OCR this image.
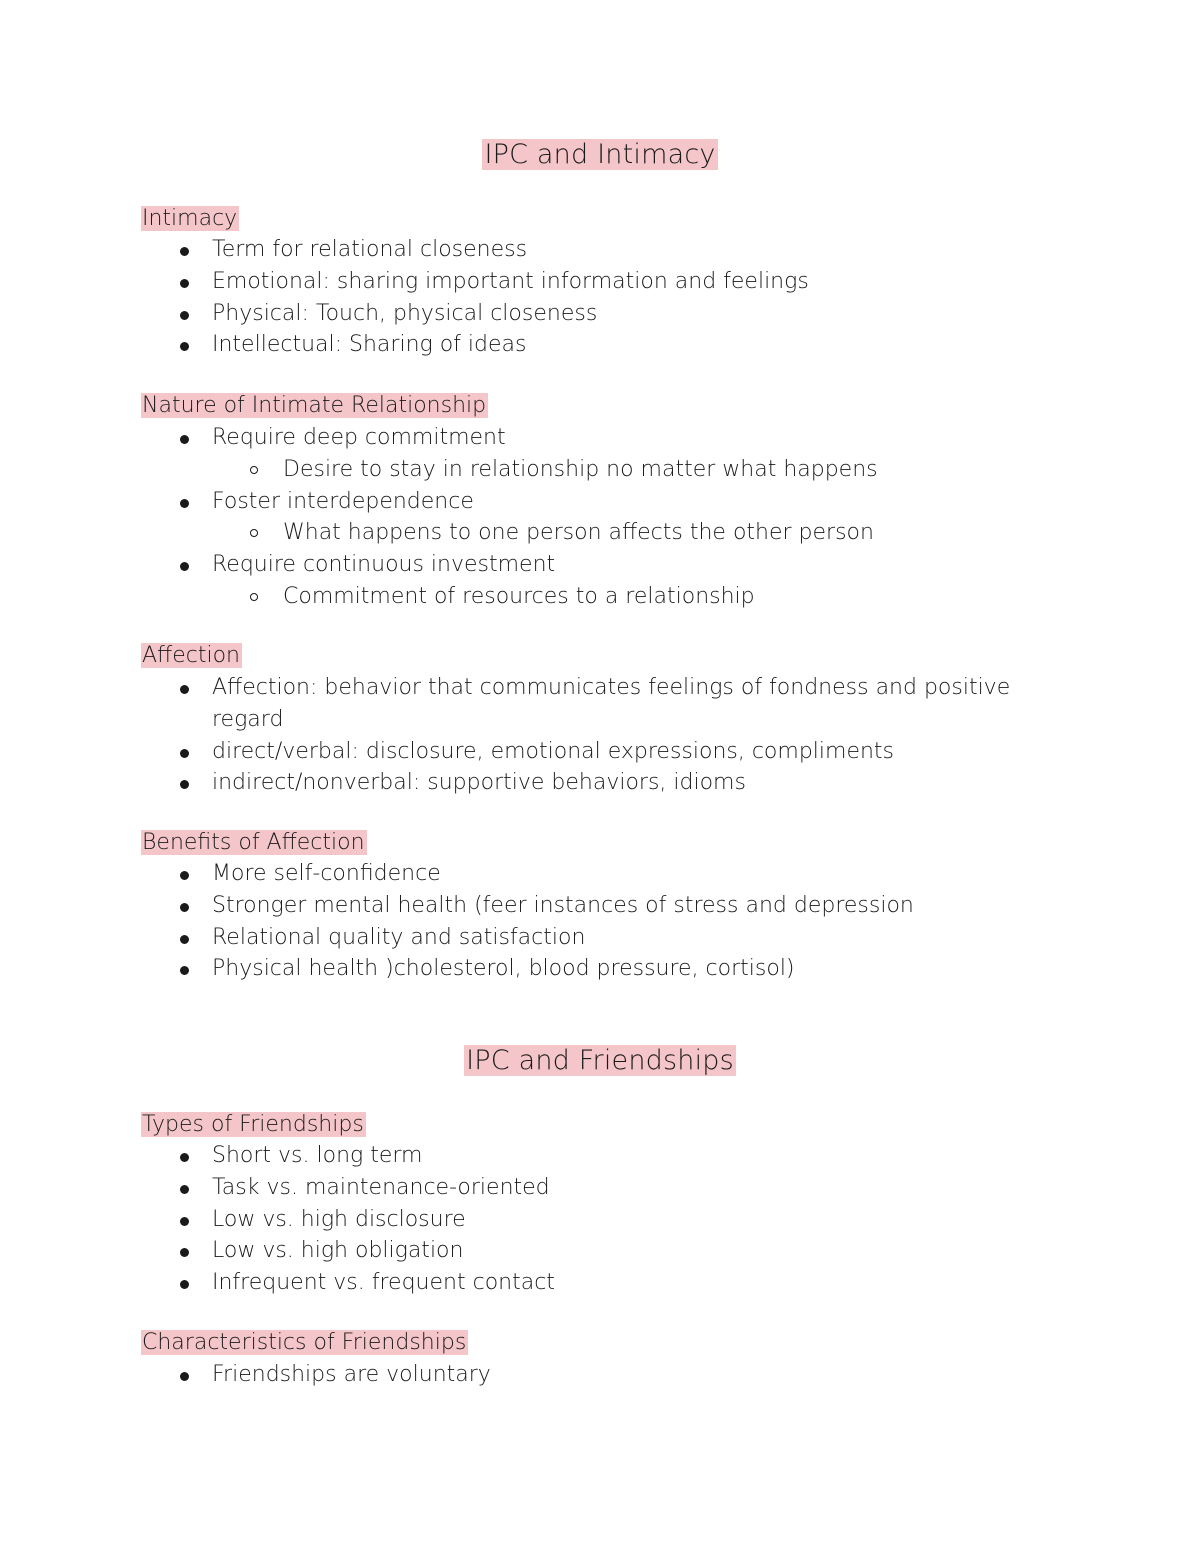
IPC and Intimacy
Intimacy
Term for relational closeness
Emotional: sharing important information and feelings
Physical: Touch, physical closeness
Intellectual: Sharing of ideas
Nature of Intimate Relationship
Require deep commitment
Desire to stay in relationship no matter what happens
Foster interdependence
What happens to one person affects the other person
Require continuous investment
Commitment of resources to a relationship
Affection
Affection: behavior that communicates feelings of fondness and positive regard
direct/verbal: disclosure, emotional expressions, compliments
indirect/nonverbal: supportive behaviors, idioms
Benefits of Affection
More self-confidence
Stronger mental health (feer instances of stress and depression
Relational quality and satisfaction
Physical health )cholesterol, blood pressure, cortisol)
IPC and Friendships
Types of Friendships
Short vs. long term
Task vs. maintenance-oriented
Low vs. high disclosure
Low vs. high obligation
Infrequent vs. frequent contact
Characteristics of Friendships
Friendships are voluntary
